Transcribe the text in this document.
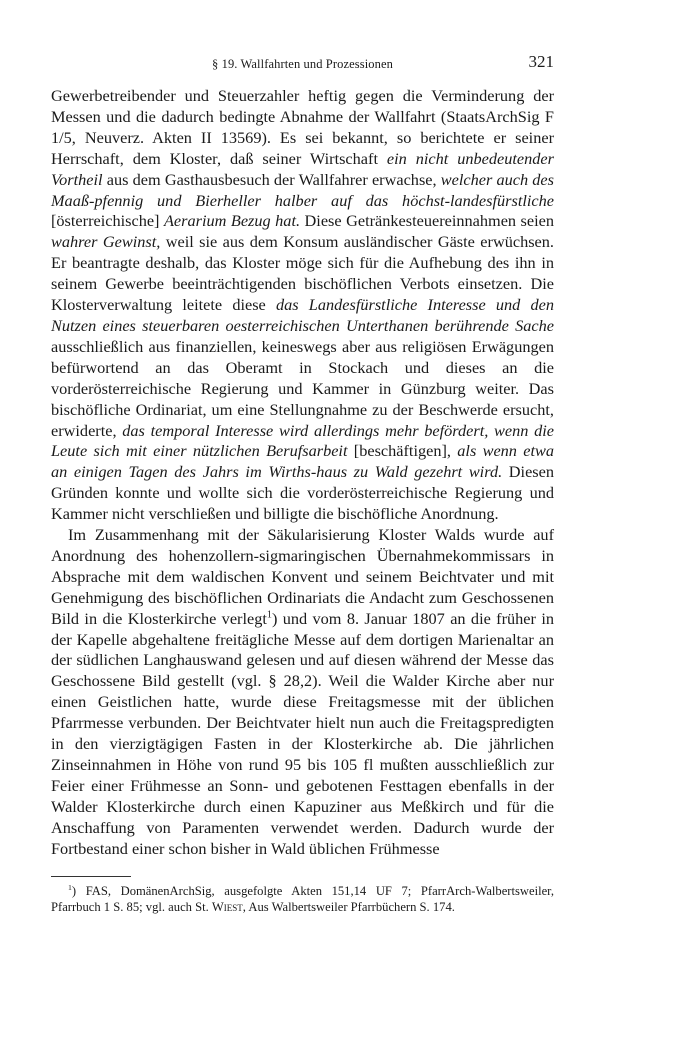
§ 19. Wallfahrten und Prozessionen	321

Gewerbetreibender und Steuerzahler heftig gegen die Verminderung der Messen und die dadurch bedingte Abnahme der Wallfahrt (StaatsArchSig F 1/5, Neuverz. Akten II 13569). Es sei bekannt, so berichtete er seiner Herrschaft, dem Kloster, daß seiner Wirtschaft ein nicht unbedeutender Vortheil aus dem Gasthausbesuch der Wallfahrer erwachse, welcher auch des Maaß-pfennig und Bierheller halber auf das höchst-landesfürstliche [österreichische] Aerarium Bezug hat. Diese Getränkesteuereinnahmen seien wahrer Gewinst, weil sie aus dem Konsum ausländischer Gäste erwüchsen. Er beantragte deshalb, das Kloster möge sich für die Aufhebung des ihn in seinem Gewerbe beeinträchtigenden bischöflichen Verbots einsetzen. Die Klosterverwaltung leitete diese das Landesfürstliche Interesse und den Nutzen eines steuerbaren oesterreichischen Unterthanen berührende Sache ausschließlich aus finanziellen, keineswegs aber aus religiösen Erwägungen befürwortend an das Oberamt in Stockach und dieses an die vorderösterreichische Regierung und Kammer in Günzburg weiter. Das bischöfliche Ordinariat, um eine Stellungnahme zu der Beschwerde ersucht, erwiderte, das temporal Interesse wird allerdings mehr befördert, wenn die Leute sich mit einer nützlichen Berufsarbeit [beschäftigen], als wenn etwa an einigen Tagen des Jahrs im Wirths-haus zu Wald gezehrt wird. Diesen Gründen konnte und wollte sich die vorderösterreichische Regierung und Kammer nicht verschließen und billigte die bischöfliche Anordnung.

Im Zusammenhang mit der Säkularisierung Kloster Walds wurde auf Anordnung des hohenzollern-sigmaringischen Übernahmekommissars in Absprache mit dem waldischen Konvent und seinem Beichtvater und mit Genehmigung des bischöflichen Ordinariats die Andacht zum Geschossenen Bild in die Klosterkirche verlegt$^1$) und vom 8. Januar 1807 an die früher in der Kapelle abgehaltene freitägliche Messe auf dem dortigen Marienaltar an der südlichen Langhauswand gelesen und auf diesen während der Messe das Geschossene Bild gestellt (vgl. § 28,2). Weil die Walder Kirche aber nur einen Geistlichen hatte, wurde diese Freitagsmesse mit der üblichen Pfarrmesse verbunden. Der Beichtvater hielt nun auch die Freitagspredigten in den vierzigtägigen Fasten in der Klosterkirche ab. Die jährlichen Zinseinnahmen in Höhe von rund 95 bis 105 fl mußten ausschließlich zur Feier einer Frühmesse an Sonn- und gebotenen Festtagen ebenfalls in der Walder Klosterkirche durch einen Kapuziner aus Meßkirch und für die Anschaffung von Paramenten verwendet werden. Dadurch wurde der Fortbestand einer schon bisher in Wald üblichen Frühmesse

$^1$) FAS, DomänenArchSig, ausgefolgte Akten 151,14 UF 7; PfarrArch-Walbertsweiler, Pfarrbuch 1 S. 85; vgl. auch St. Wiest, Aus Walbertsweiler Pfarrbüchern S. 174.
